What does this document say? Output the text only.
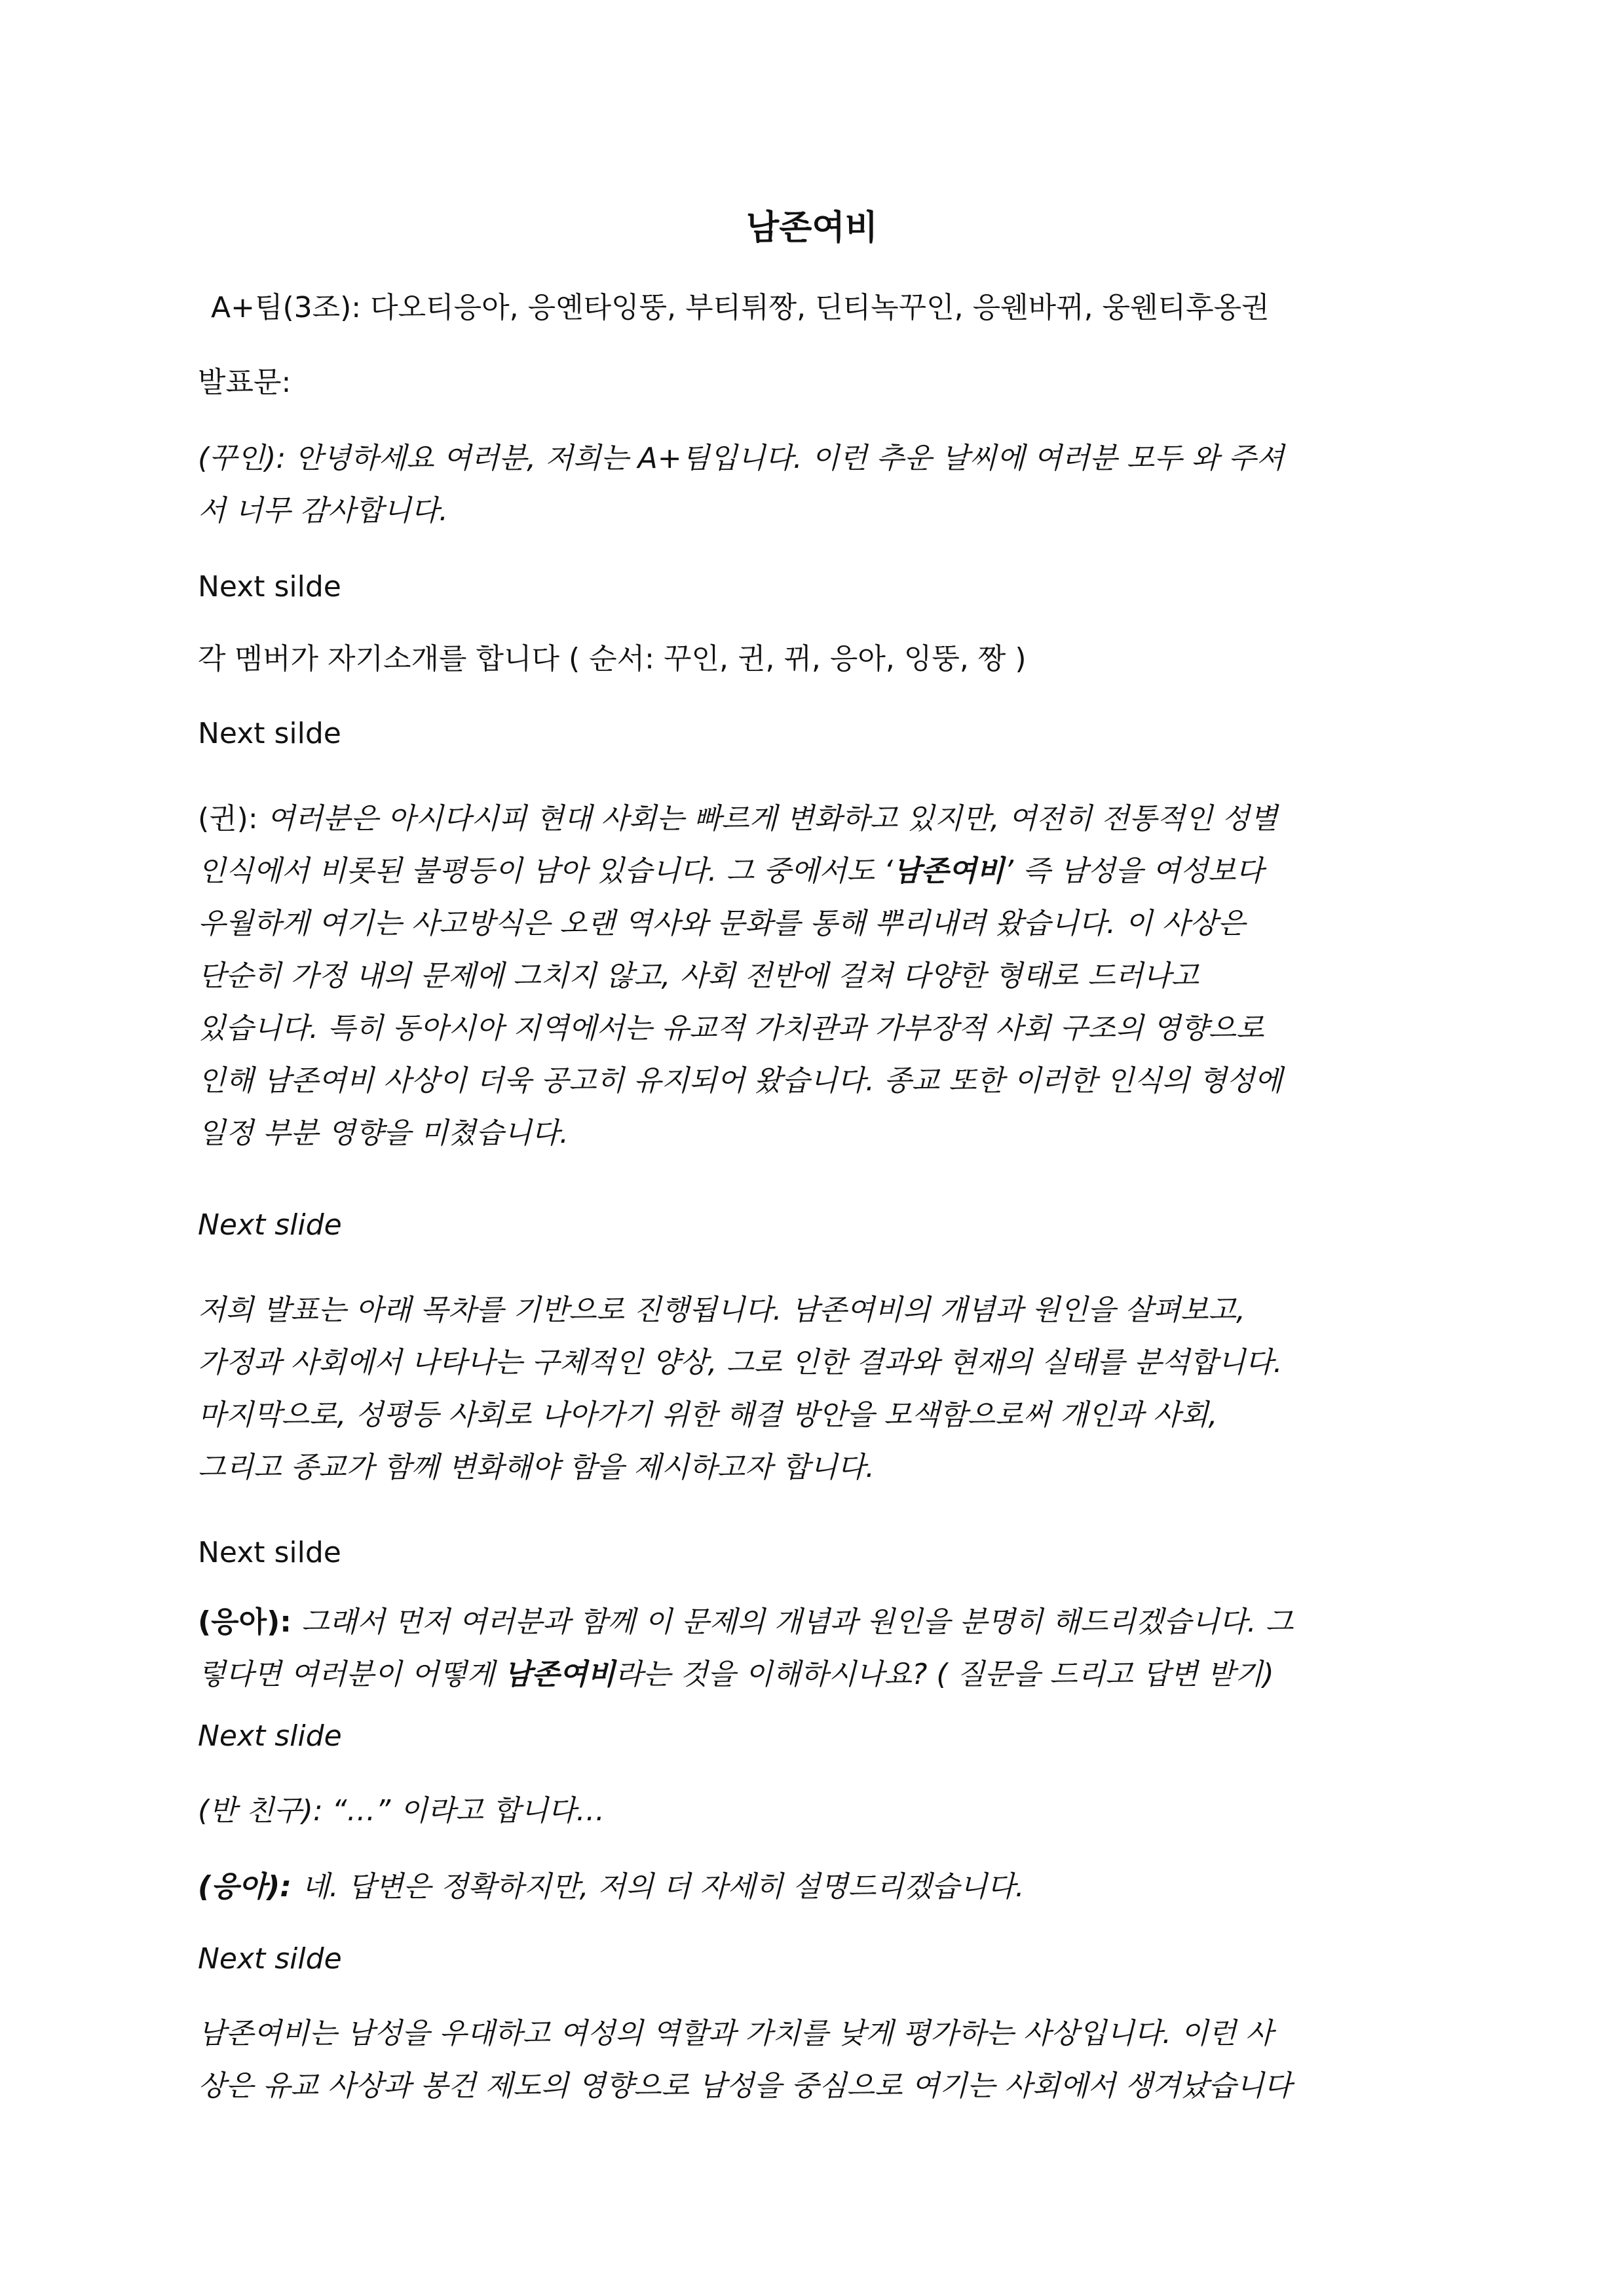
남존여비
A+팀(3조): 다오티응아, 응옌타잉뚱, 부티튀짱, 딘티녹꾸인, 응웬바뀌, 웅웬티후옹권
발표문:
(꾸인): 안녕하세요 여러분, 저희는 A+팀입니다. 이런 추운 날씨에 여러분 모두 와 주셔
서 너무 감사합니다.
Next silde
각 멤버가 자기소개를 합니다 ( 순서: 꾸인, 귄, 뀌, 응아, 잉뚱, 짱 )
Next silde
(귄): 여러분은 아시다시피 현대 사회는 빠르게 변화하고 있지만, 여전히 전통적인 성별
인식에서 비롯된 불평등이 남아 있습니다. 그 중에서도 ‘남존여비’ 즉 남성을 여성보다
우월하게 여기는 사고방식은 오랜 역사와 문화를 통해 뿌리내려 왔습니다. 이 사상은
단순히 가정 내의 문제에 그치지 않고, 사회 전반에 걸쳐 다양한 형태로 드러나고
있습니다. 특히 동아시아 지역에서는 유교적 가치관과 가부장적 사회 구조의 영향으로
인해 남존여비 사상이 더욱 공고히 유지되어 왔습니다. 종교 또한 이러한 인식의 형성에
일정 부분 영향을 미쳤습니다.
Next slide
저희 발표는 아래 목차를 기반으로 진행됩니다. 남존여비의 개념과 원인을 살펴보고,
가정과 사회에서 나타나는 구체적인 양상, 그로 인한 결과와 현재의 실태를 분석합니다.
마지막으로, 성평등 사회로 나아가기 위한 해결 방안을 모색함으로써 개인과 사회,
그리고 종교가 함께 변화해야 함을 제시하고자 합니다.
Next silde
(응아): 그래서 먼저 여러분과 함께 이 문제의 개념과 원인을 분명히 해드리겠습니다. 그
렇다면 여러분이 어떻게 남존여비라는 것을 이해하시나요? ( 질문을 드리고 답변 받기)
Next slide
(반 친구): “…” 이라고 합니다…
(응아): 네. 답변은 정확하지만, 저의 더 자세히 설명드리겠습니다.
Next silde
남존여비는 남성을 우대하고 여성의 역할과 가치를 낮게 평가하는 사상입니다. 이런 사
상은 유교 사상과 봉건 제도의 영향으로 남성을 중심으로 여기는 사회에서 생겨났습니다
